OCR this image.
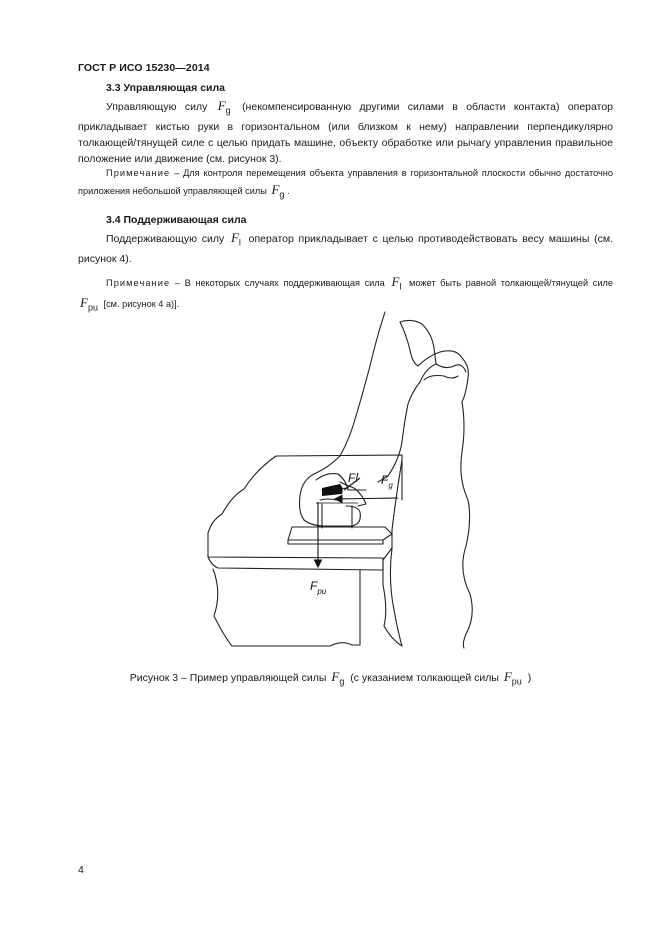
ГОСТ Р ИСО 15230—2014
3.3 Управляющая сила
Управляющую силу $F_g$ (некомпенсированную другими силами в области контакта) оператор прикладывает кистью руки в горизонтальном (или близком к нему) направлении перпендикулярно толкающей/тянущей силе с целью придать машине, объекту обработке или рычагу управления правильное положение или движение (см. рисунок 3).
Примечание – Для контроля перемещения объекта управления в горизонтальной плоскости обычно достаточно приложения небольшой управляющей силы $F_g$ .
3.4 Поддерживающая сила
Поддерживающую силу $F_l$ оператор прикладывает с целью противодействовать весу машины (см. рисунок 4).
Примечание – В некоторых случаях поддерживающая сила $F_l$ может быть равной толкающей/тянущей силе $F_{pu}$ [см. рисунок 4 а)].
Fl $F_g$
$F_{pu}$
Рисунок 3 – Пример управляющей силы $F_g$ (с указанием толкающей силы $F_{pu}$ )
4
